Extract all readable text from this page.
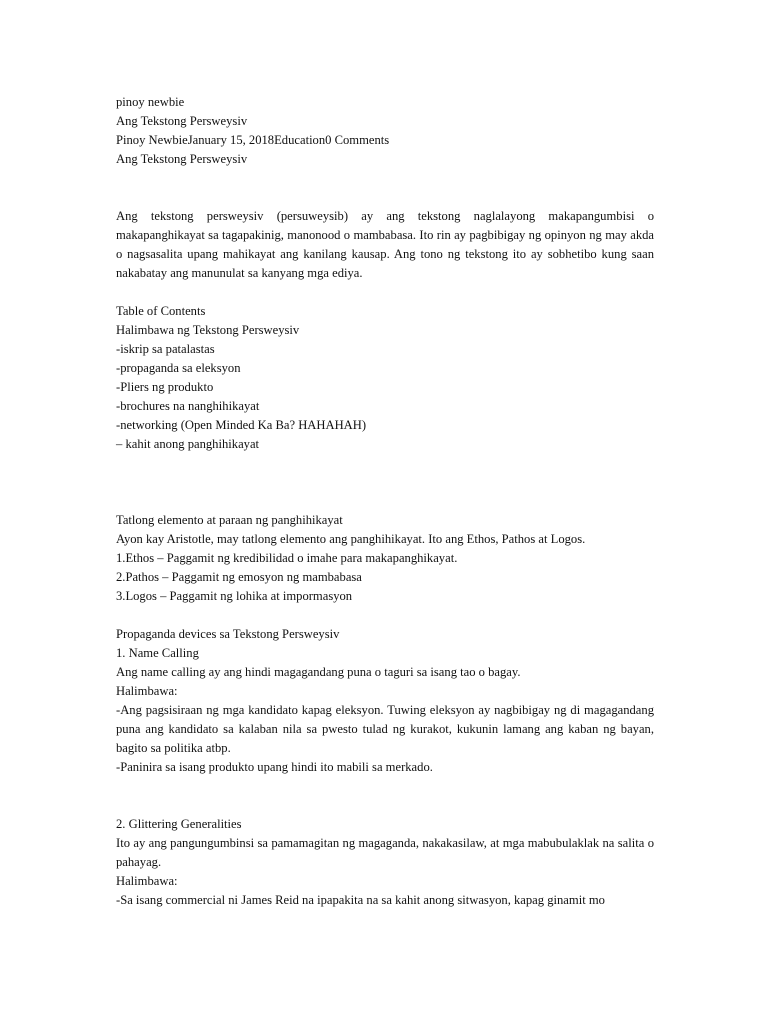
pinoy newbie
Ang Tekstong Persweysiv
Pinoy NewbieJanuary 15, 2018Education0 Comments
Ang Tekstong Persweysiv
Ang tekstong persweysiv (persuweysib) ay ang tekstong naglalayong makapangumbisi o makapanghikayat sa tagapakinig, manonood o mambabasa. Ito rin ay pagbibigay ng opinyon ng may akda o nagsasalita upang mahikayat ang kanilang kausap. Ang tono ng tekstong ito ay sobhetibo kung saan nakabatay ang manunulat sa kanyang mga ediya.
Table of Contents
Halimbawa ng Tekstong Persweysiv
-iskrip sa patalastas
-propaganda sa eleksyon
-Pliers ng produkto
-brochures na nanghihikayat
-networking (Open Minded Ka Ba? HAHAHAH)
– kahit anong panghihikayat
Tatlong elemento at paraan ng panghihikayat
Ayon kay Aristotle, may tatlong elemento ang panghihikayat. Ito ang Ethos, Pathos at Logos.
1.Ethos – Paggamit ng kredibilidad o imahe para makapanghikayat.
2.Pathos – Paggamit ng emosyon ng mambabasa
3.Logos – Paggamit ng lohika at impormasyon
Propaganda devices sa Tekstong Persweysiv
1. Name Calling
Ang name calling ay ang hindi magagandang puna o taguri sa isang tao o bagay.
Halimbawa:
-Ang pagsisiraan ng mga kandidato kapag eleksyon. Tuwing eleksyon ay nagbibigay ng di magagandang puna ang kandidato sa kalaban nila sa pwesto tulad ng kurakot, kukunin lamang ang kaban ng bayan, bagito sa politika atbp.
-Paninira sa isang produkto upang hindi ito mabili sa merkado.
2. Glittering Generalities
Ito ay ang pangungumbinsi sa pamamagitan ng magaganda, nakakasilaw, at mga mabubulaklak na salita o pahayag.
Halimbawa:
-Sa isang commercial ni James Reid na ipapakita na sa kahit anong sitwasyon, kapag ginamit mo
